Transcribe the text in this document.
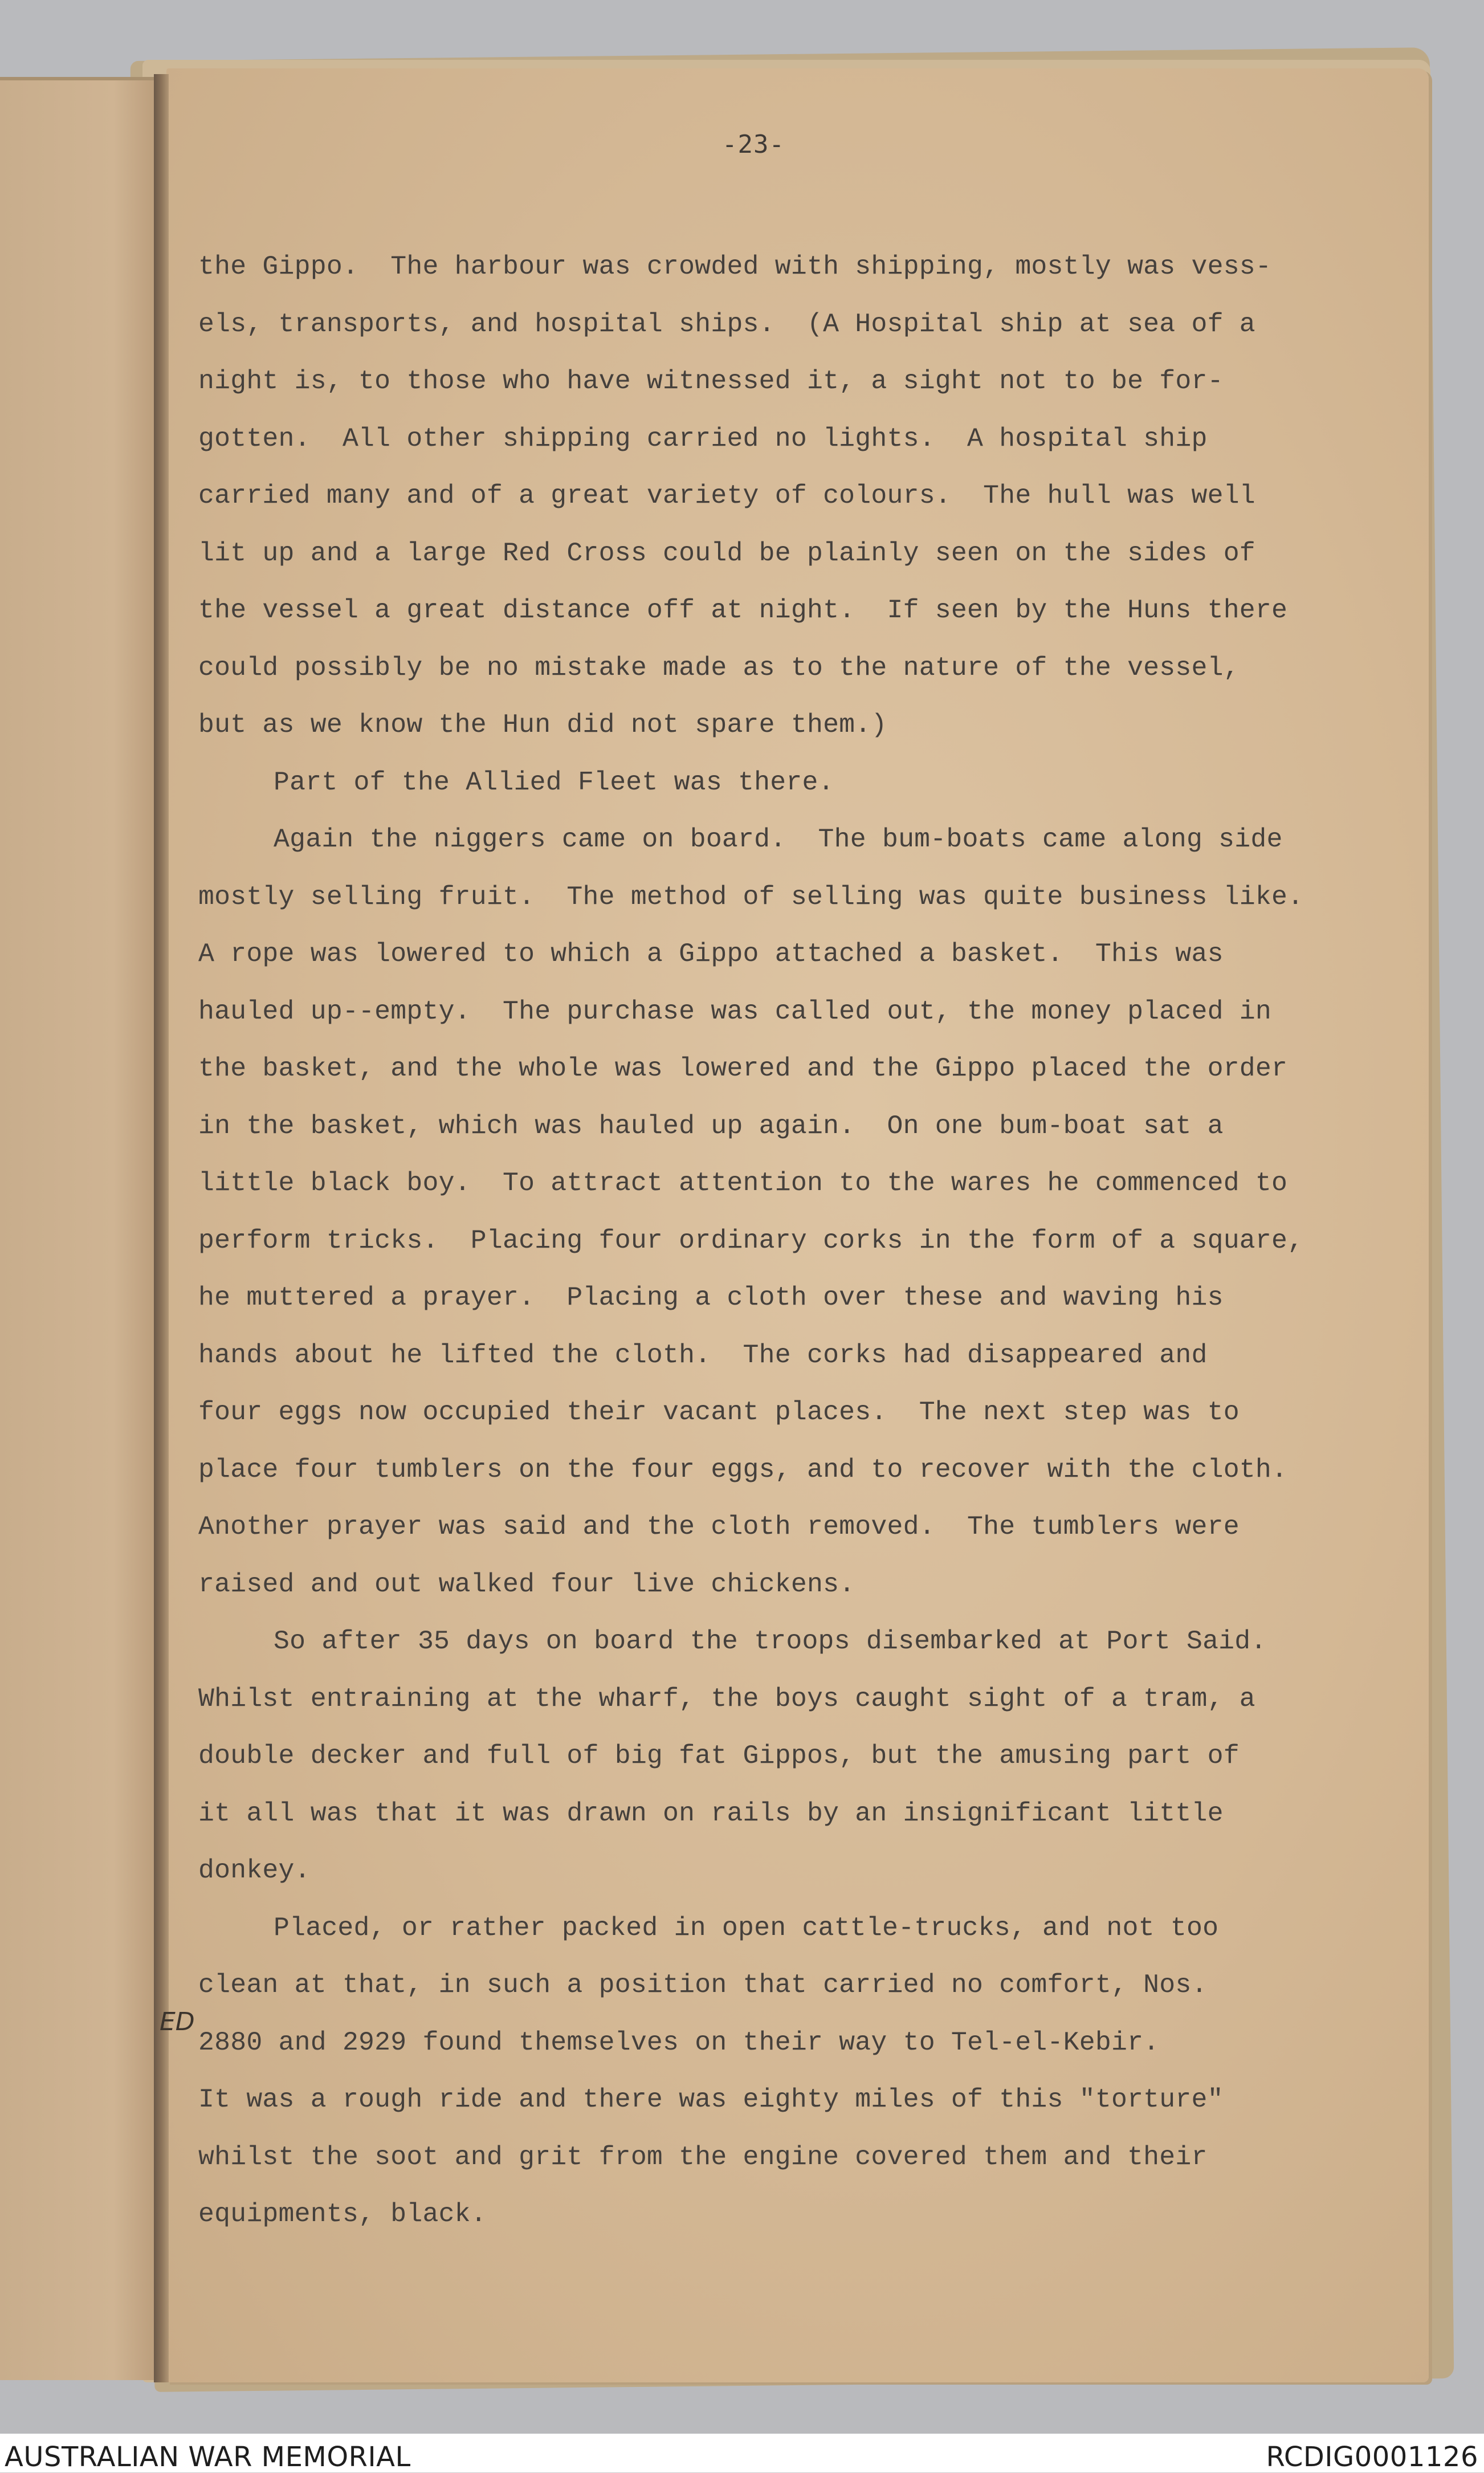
-23-
the Gippo.  The harbour was crowded with shipping, mostly was vess-
els, transports, and hospital ships.  (A Hospital ship at sea of a
night is, to those who have witnessed it, a sight not to be for-
gotten.  All other shipping carried no lights.  A hospital ship
carried many and of a great variety of colours.  The hull was well
lit up and a large Red Cross could be plainly seen on the sides of
the vessel a great distance off at night.  If seen by the Huns there
could possibly be no mistake made as to the nature of the vessel,
but as we know the Hun did not spare them.)
Part of the Allied Fleet was there.
Again the niggers came on board.  The bum-boats came along side
mostly selling fruit.  The method of selling was quite business like.
A rope was lowered to which a Gippo attached a basket.  This was
hauled up--empty.  The purchase was called out, the money placed in
the basket, and the whole was lowered and the Gippo placed the order
in the basket, which was hauled up again.  On one bum-boat sat a
little black boy.  To attract attention to the wares he commenced to
perform tricks.  Placing four ordinary corks in the form of a square,
he muttered a prayer.  Placing a cloth over these and waving his
hands about he lifted the cloth.  The corks had disappeared and
four eggs now occupied their vacant places.  The next step was to
place four tumblers on the four eggs, and to recover with the cloth.
Another prayer was said and the cloth removed.  The tumblers were
raised and out walked four live chickens.
So after 35 days on board the troops disembarked at Port Said.
Whilst entraining at the wharf, the boys caught sight of a tram, a
double decker and full of big fat Gippos, but the amusing part of
it all was that it was drawn on rails by an insignificant little
donkey.
Placed, or rather packed in open cattle-trucks, and not too
clean at that, in such a position that carried no comfort, Nos.
2880 and 2929 found themselves on their way to Tel-el-Kebir.
It was a rough ride and there was eighty miles of this "torture"
whilst the soot and grit from the engine covered them and their
equipments, black.
ED
AUSTRALIAN WAR MEMORIAL	RCDIG0001126
